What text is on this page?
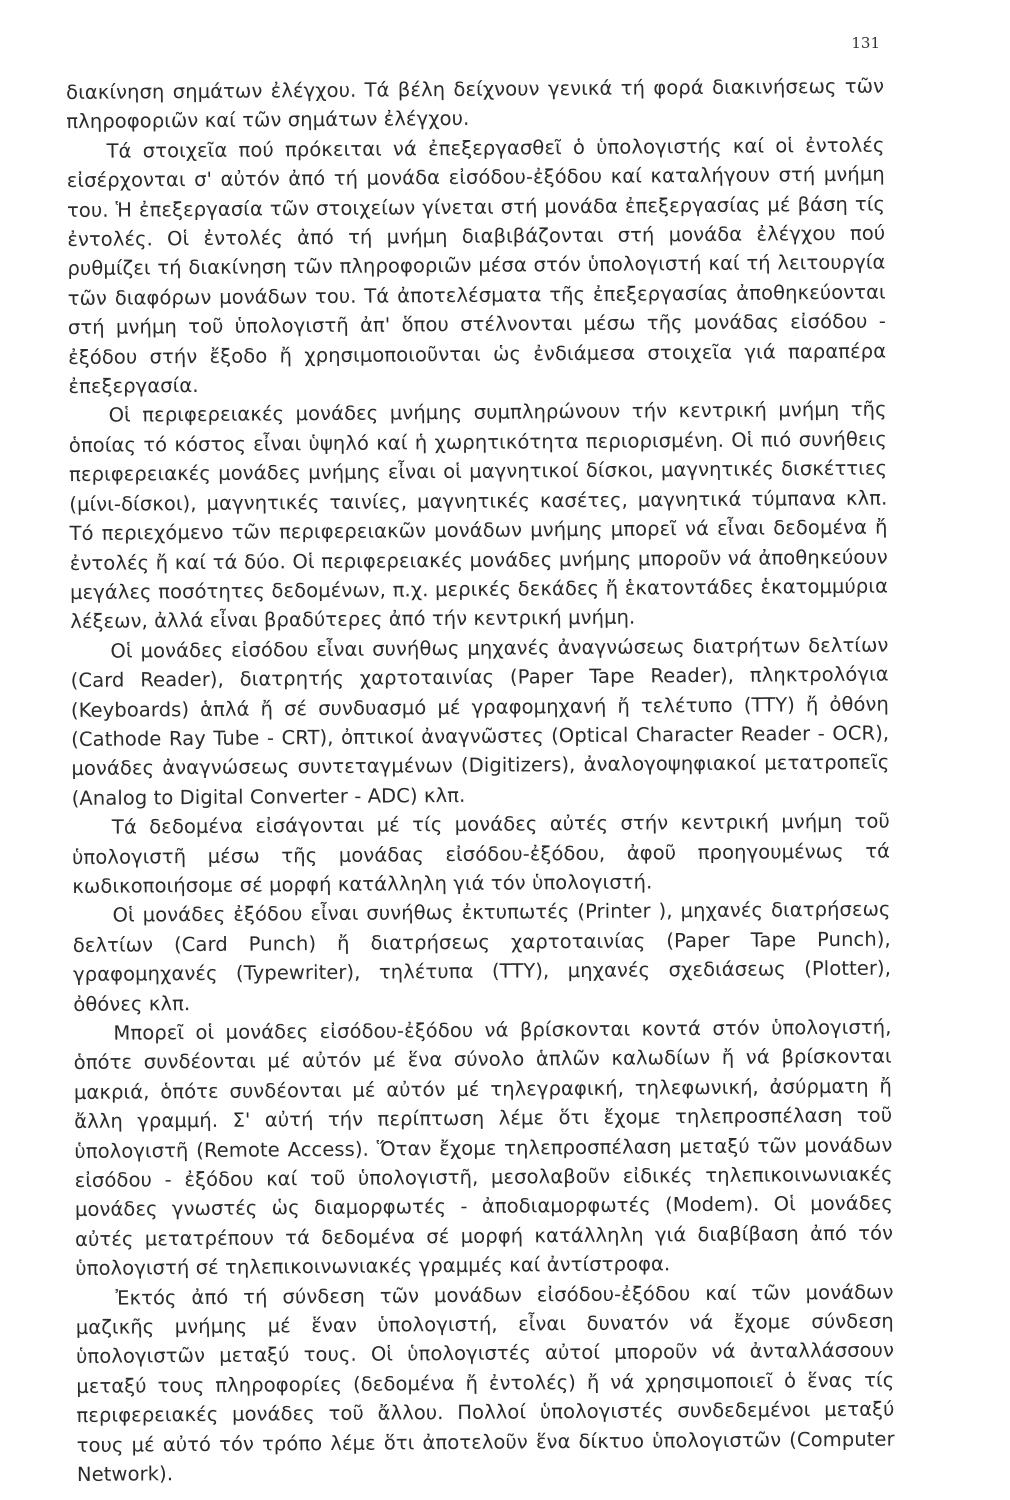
131

διακίνηση σημάτων ἐλέγχου. Τά βέλη δείχνουν γενικά τή φορά διακινήσεως τῶν πληροφοριῶν καί τῶν σημάτων ἐλέγχου.

Τά στοιχεῖα πού πρόκειται νά ἐπεξεργασθεῖ ὁ ὑπολογιστής καί οἱ ἐντολές εἰσέρχονται σ' αὐτόν ἀπό τή μονάδα εἰσόδου-ἐξόδου καί καταλήγουν στή μνήμη του. Ἡ ἐπεξεργασία τῶν στοιχείων γίνεται στή μονάδα ἐπεξεργασίας μέ βάση τίς ἐντολές. Οἱ ἐντολές ἀπό τή μνήμη διαβιβάζονται στή μονάδα ἐλέγχου πού ρυθμίζει τή διακίνηση τῶν πληροφοριῶν μέσα στόν ὑπολογιστή καί τή λειτουργία τῶν διαφόρων μονάδων του. Τά ἀποτελέσματα τῆς ἐπεξεργασίας ἀποθηκεύονται στή μνήμη τοῦ ὑπολογιστῆ ἀπ' ὅπου στέλνονται μέσω τῆς μονάδας εἰσόδου - ἐξόδου στήν ἔξοδο ἤ χρησιμοποιοῦνται ὡς ἐνδιάμεσα στοιχεῖα γιά παραπέρα ἐπεξεργασία.

Οἱ περιφερειακές μονάδες μνήμης συμπληρώνουν τήν κεντρική μνήμη τῆς ὁποίας τό κόστος εἶναι ὑψηλό καί ἡ χωρητικότητα περιορισμένη. Οἱ πιό συνήθεις περιφερειακές μονάδες μνήμης εἶναι οἱ μαγνητικοί δίσκοι, μαγνητικές δισκέττιες (μίνι-δίσκοι), μαγνητικές ταινίες, μαγνητικές κασέτες, μαγνητικά τύμπανα κλπ. Τό περιεχόμενο τῶν περιφερειακῶν μονάδων μνήμης μπορεῖ νά εἶναι δεδομένα ἤ ἐντολές ἤ καί τά δύο. Οἱ περιφερειακές μονάδες μνήμης μποροῦν νά ἀποθηκεύουν μεγάλες ποσότητες δεδομένων, π.χ. μερικές δεκάδες ἤ ἑκατοντάδες ἑκατομμύρια λέξεων, ἀλλά εἶναι βραδύτερες ἀπό τήν κεντρική μνήμη.

Οἱ μονάδες εἰσόδου εἶναι συνήθως μηχανές ἀναγνώσεως διατρήτων δελτίων (Card Reader), διατρητής χαρτοταινίας (Paper Tape Reader), πληκτρολόγια (Keyboards) ἁπλά ἤ σέ συνδυασμό μέ γραφομηχανή ἤ τελέτυπο (TTY) ἤ ὀθόνη (Cathode Ray Tube - CRT), ὀπτικοί ἀναγνῶστες (Optical Character Reader - OCR), μονάδες ἀναγνώσεως συντεταγμένων (Digitizers), ἀναλογοψηφιακοί μετατροπεῖς (Analog to Digital Converter - ADC) κλπ.

Τά δεδομένα εἰσάγονται μέ τίς μονάδες αὐτές στήν κεντρική μνήμη τοῦ ὑπολογιστῆ μέσω τῆς μονάδας εἰσόδου-ἐξόδου, ἀφοῦ προηγουμένως τά κωδικοποιήσομε σέ μορφή κατάλληλη γιά τόν ὑπολογιστή.

Οἱ μονάδες ἐξόδου εἶναι συνήθως ἐκτυπωτές (Printer ), μηχανές διατρήσεως δελτίων (Card Punch) ἤ διατρήσεως χαρτοταινίας (Paper Tape Punch), γραφομηχανές (Typewriter), τηλέτυπα (TTY), μηχανές σχεδιάσεως (Plotter), ὀθόνες κλπ.

Μπορεῖ οἱ μονάδες εἰσόδου-ἐξόδου νά βρίσκονται κοντά στόν ὑπολογιστή, ὁπότε συνδέονται μέ αὐτόν μέ ἕνα σύνολο ἁπλῶν καλωδίων ἤ νά βρίσκονται μακριά, ὁπότε συνδέονται μέ αὐτόν μέ τηλεγραφική, τηλεφωνική, ἀσύρματη ἤ ἄλλη γραμμή. Σ' αὐτή τήν περίπτωση λέμε ὅτι ἔχομε τηλεπροσπέλαση τοῦ ὑπολογιστῆ (Remote Access). Ὅταν ἔχομε τηλεπροσπέλαση μεταξύ τῶν μονάδων εἰσόδου - ἐξόδου καί τοῦ ὑπολογιστῆ, μεσολαβοῦν εἰδικές τηλεπικοινωνιακές μονάδες γνωστές ὡς διαμορφωτές - ἀποδιαμορφωτές (Modem). Οἱ μονάδες αὐτές μετατρέπουν τά δεδομένα σέ μορφή κατάλληλη γιά διαβίβαση ἀπό τόν ὑπολογιστή σέ τηλεπικοινωνιακές γραμμές καί ἀντίστροφα.

Ἐκτός ἀπό τή σύνδεση τῶν μονάδων εἰσόδου-ἐξόδου καί τῶν μονάδων μαζικῆς μνήμης μέ ἕναν ὑπολογιστή, εἶναι δυνατόν νά ἔχομε σύνδεση ὑπολογιστῶν μεταξύ τους. Οἱ ὑπολογιστές αὐτοί μποροῦν νά ἀνταλλάσσουν μεταξύ τους πληροφορίες (δεδομένα ἤ ἐντολές) ἤ νά χρησιμοποιεῖ ὁ ἕνας τίς περιφερειακές μονάδες τοῦ ἄλλου. Πολλοί ὑπολογιστές συνδεδεμένοι μεταξύ τους μέ αὐτό τόν τρόπο λέμε ὅτι ἀποτελοῦν ἕνα δίκτυο ὑπολογιστῶν (Computer Network).
